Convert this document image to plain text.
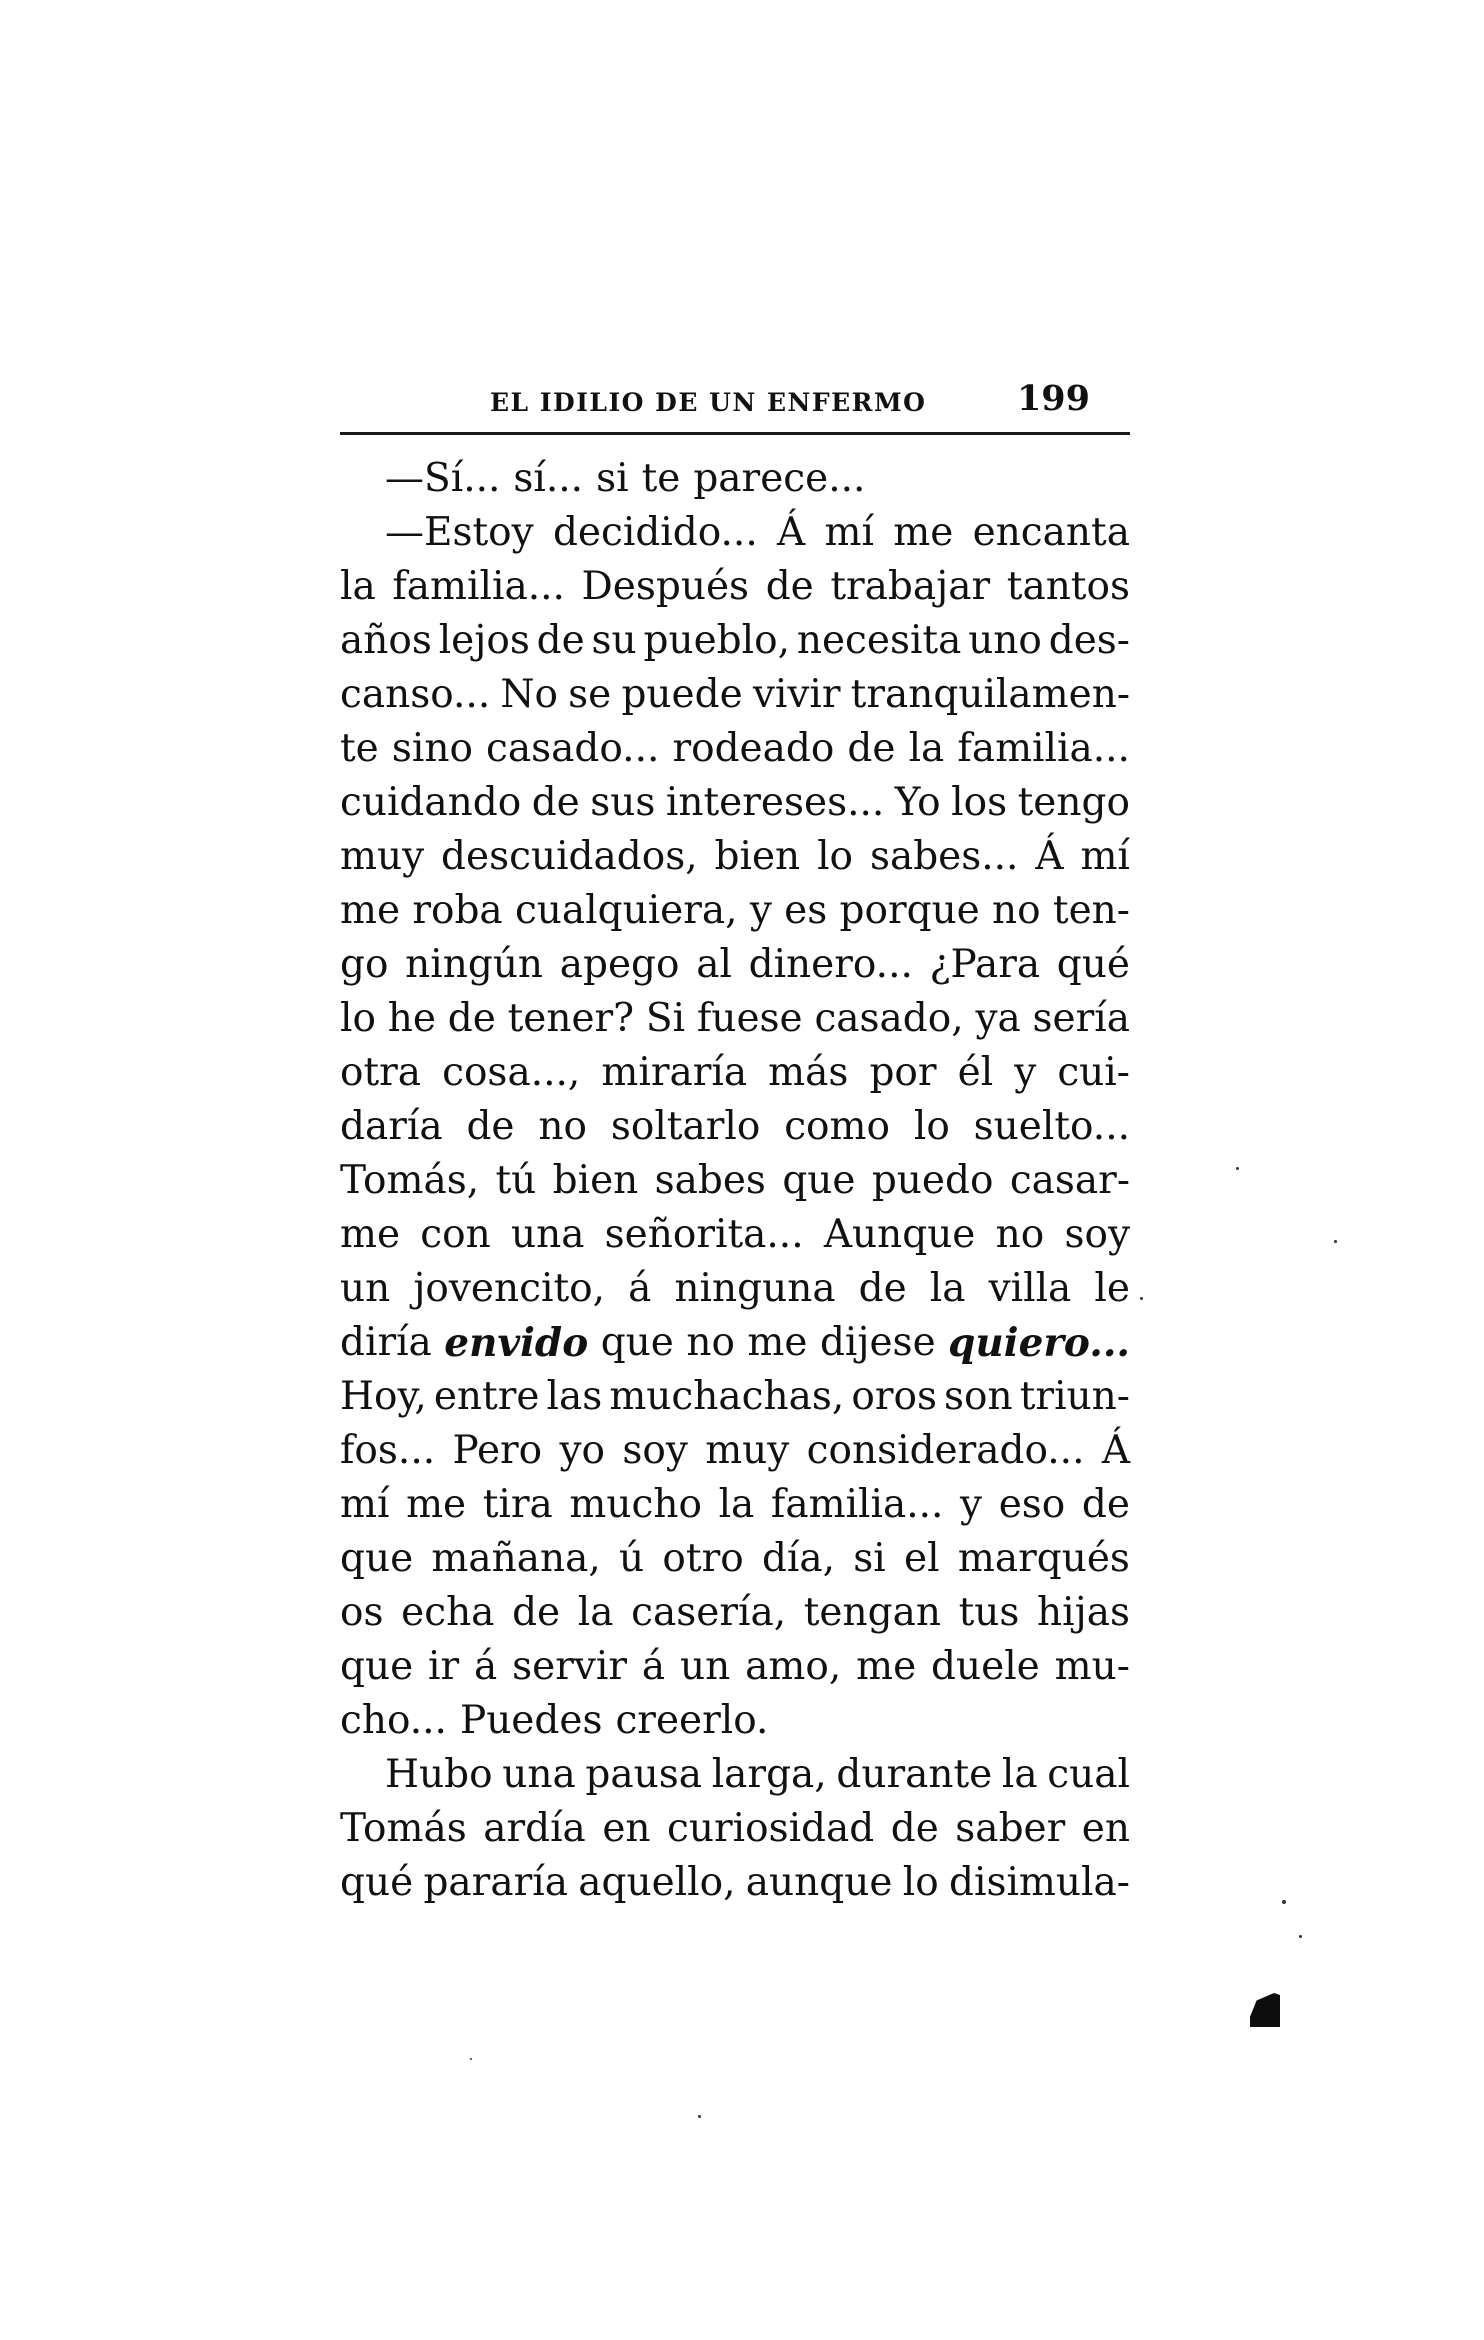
EL IDILIO DE UN ENFERMO	199
—Sí... sí... si te parece...
—Estoy decidido... Á mí me encanta
la familia... Después de trabajar tantos
años lejos de su pueblo, necesita uno des-
canso... No se puede vivir tranquilamen-
te sino casado... rodeado de la familia...
cuidando de sus intereses... Yo los tengo
muy descuidados, bien lo sabes... Á mí
me roba cualquiera, y es porque no ten-
go ningún apego al dinero... ¿Para qué
lo he de tener? Si fuese casado, ya sería
otra cosa..., miraría más por él y cui-
daría de no soltarlo como lo suelto...
Tomás, tú bien sabes que puedo casar-
me con una señorita... Aunque no soy
un jovencito, á ninguna de la villa le
diría envido que no me dijese quiero...
Hoy, entre las muchachas, oros son triun-
fos... Pero yo soy muy considerado... Á
mí me tira mucho la familia... y eso de
que mañana, ú otro día, si el marqués
os echa de la casería, tengan tus hijas
que ir á servir á un amo, me duele mu-
cho... Puedes creerlo.
Hubo una pausa larga, durante la cual
Tomás ardía en curiosidad de saber en
qué pararía aquello, aunque lo disimula-
